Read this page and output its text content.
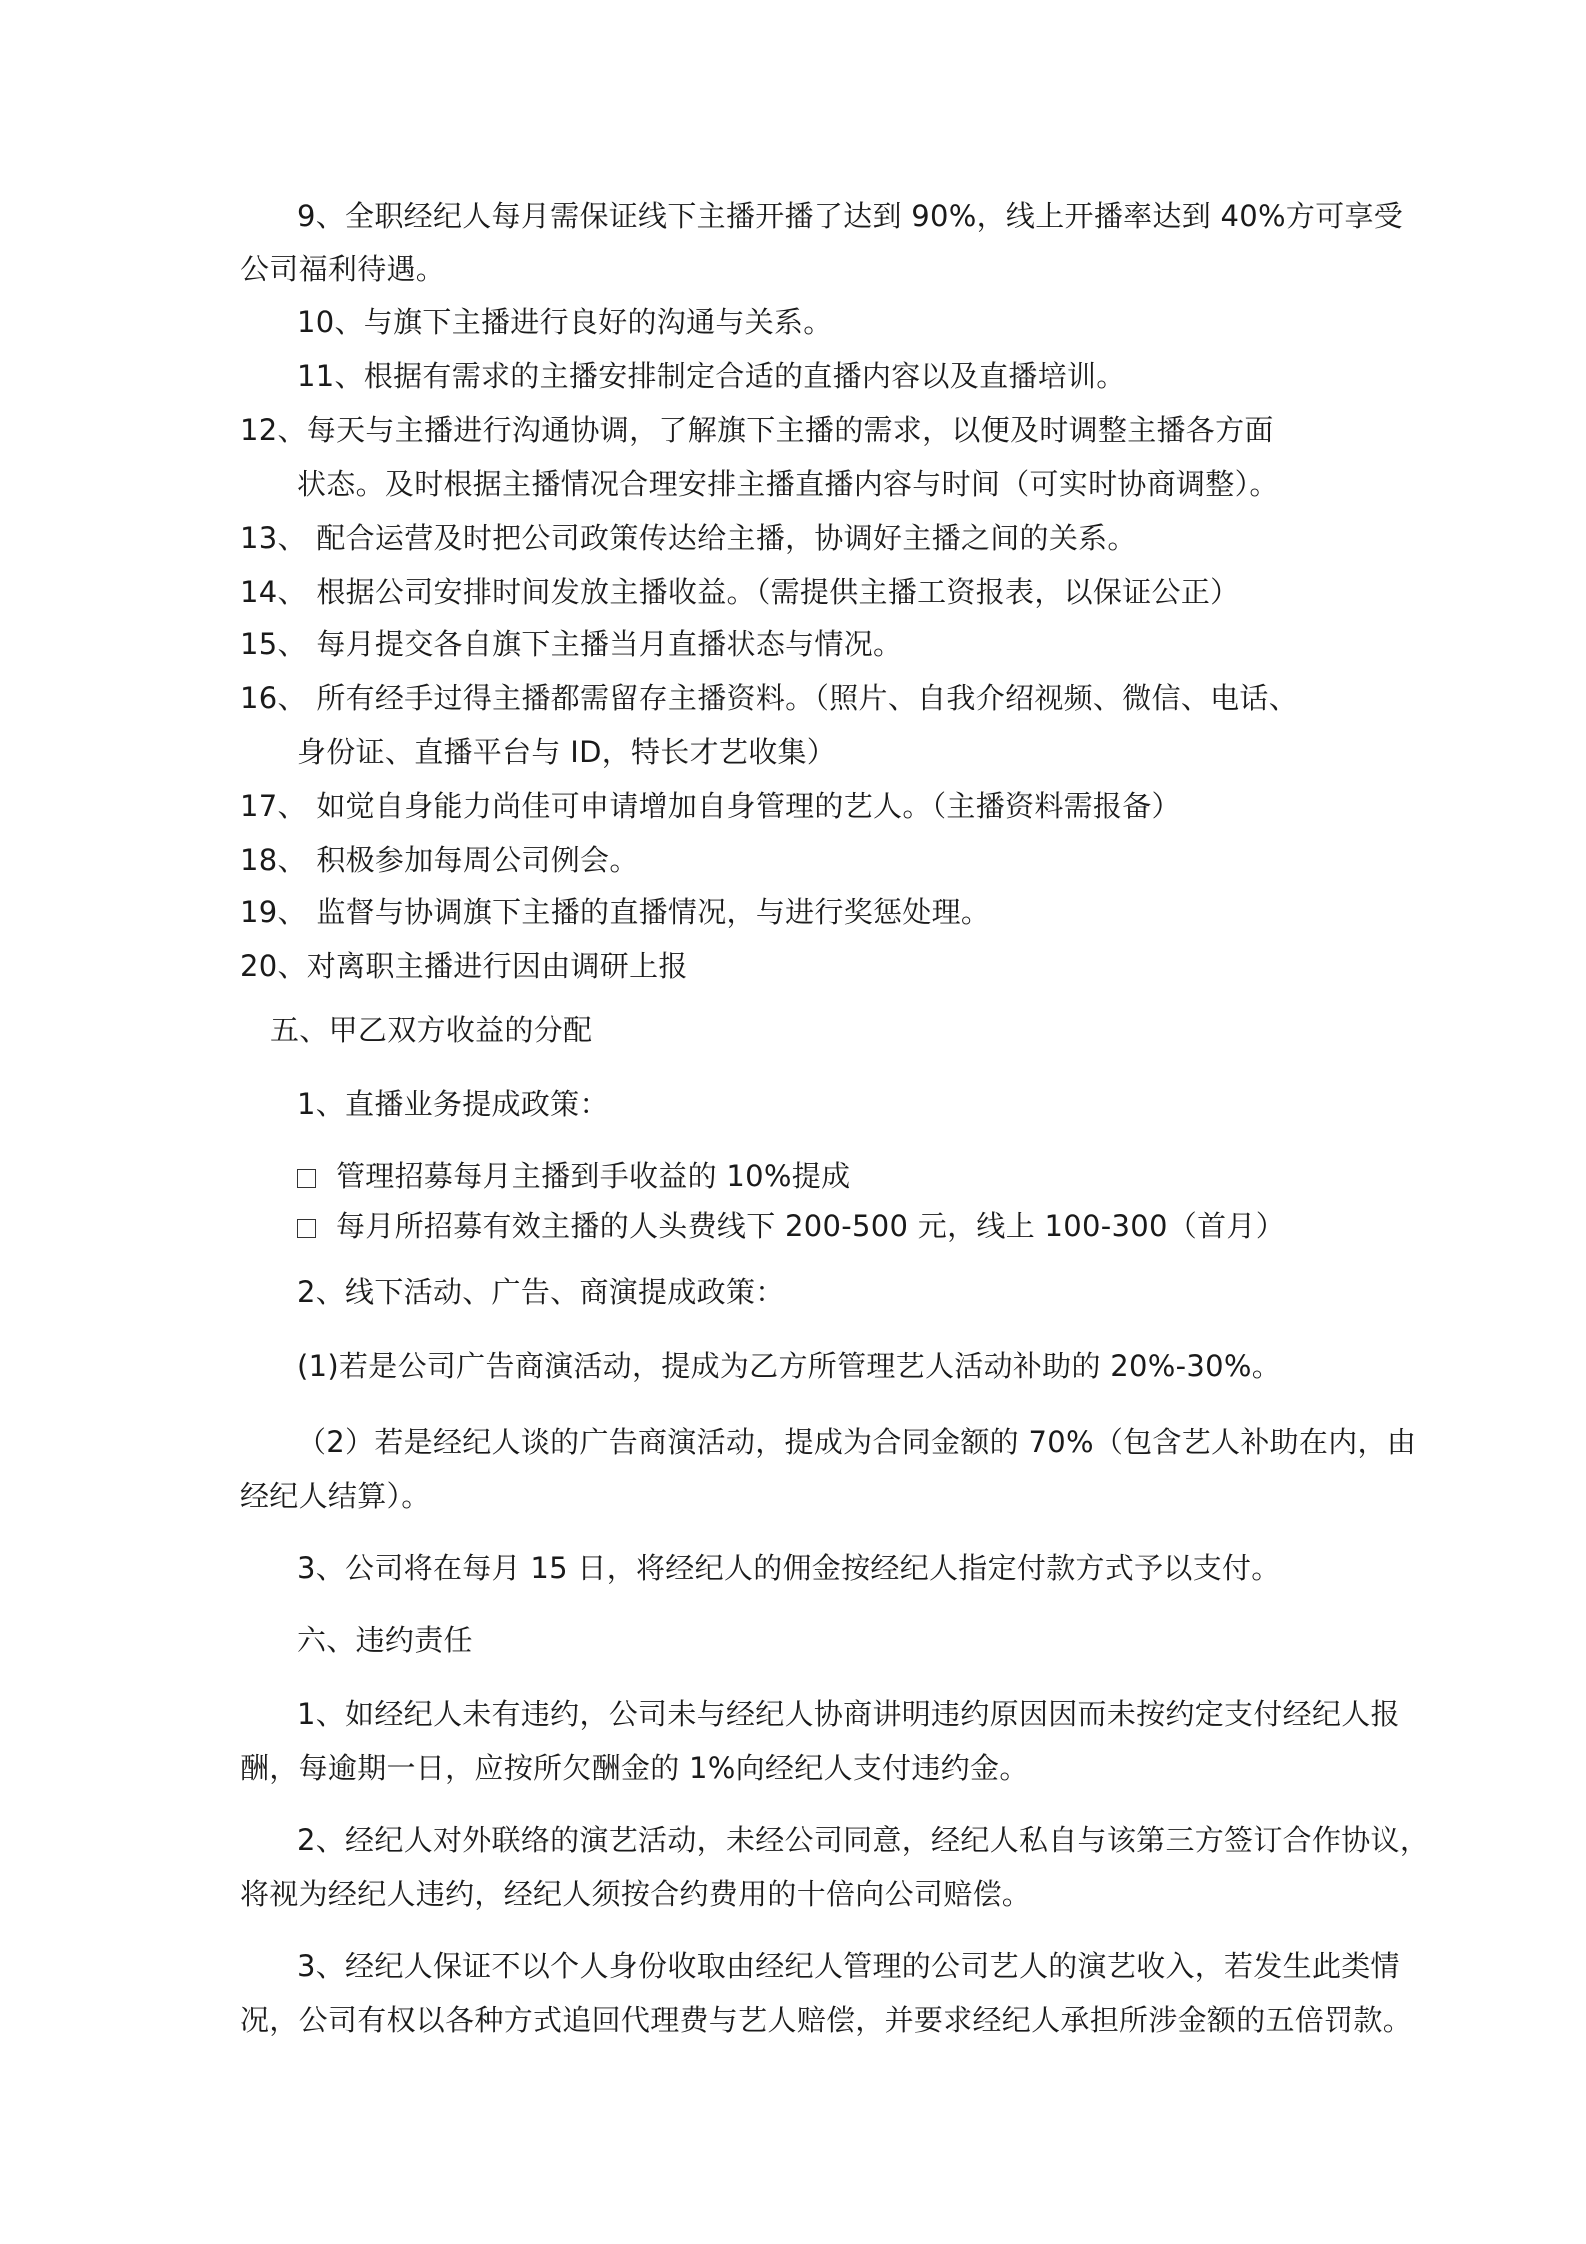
9、全职经纪人每月需保证线下主播开播了达到 90%，线上开播率达到 40%方可享受
公司福利待遇。
10、与旗下主播进行良好的沟通与关系。
11、根据有需求的主播安排制定合适的直播内容以及直播培训。
12、每天与主播进行沟通协调，了解旗下主播的需求，以便及时调整主播各方面
状态。及时根据主播情况合理安排主播直播内容与时间（可实时协商调整）。
13、 配合运营及时把公司政策传达给主播，协调好主播之间的关系。
14、 根据公司安排时间发放主播收益。（需提供主播工资报表，以保证公正）
15、 每月提交各自旗下主播当月直播状态与情况。
16、 所有经手过得主播都需留存主播资料。（照片、自我介绍视频、微信、电话、
身份证、直播平台与 ID，特长才艺收集）
17、 如觉自身能力尚佳可申请增加自身管理的艺人。（主播资料需报备）
18、 积极参加每周公司例会。
19、 监督与协调旗下主播的直播情况，与进行奖惩处理。
20、对离职主播进行因由调研上报
五、甲乙双方收益的分配
1、直播业务提成政策：
管理招募每月主播到手收益的 10%提成
每月所招募有效主播的人头费线下 200-500 元，线上 100-300（首月）
2、线下活动、广告、商演提成政策：
(1)若是公司广告商演活动，提成为乙方所管理艺人活动补助的 20%-30%。
（2）若是经纪人谈的广告商演活动，提成为合同金额的 70%（包含艺人补助在内，由
经纪人结算）。
3、公司将在每月 15 日，将经纪人的佣金按经纪人指定付款方式予以支付。
六、违约责任
1、如经纪人未有违约，公司未与经纪人协商讲明违约原因因而未按约定支付经纪人报
酬，每逾期一日，应按所欠酬金的 1%向经纪人支付违约金。
2、经纪人对外联络的演艺活动，未经公司同意，经纪人私自与该第三方签订合作协议，
将视为经纪人违约，经纪人须按合约费用的十倍向公司赔偿。
3、经纪人保证不以个人身份收取由经纪人管理的公司艺人的演艺收入，若发生此类情
况，公司有权以各种方式追回代理费与艺人赔偿，并要求经纪人承担所涉金额的五倍罚款。
